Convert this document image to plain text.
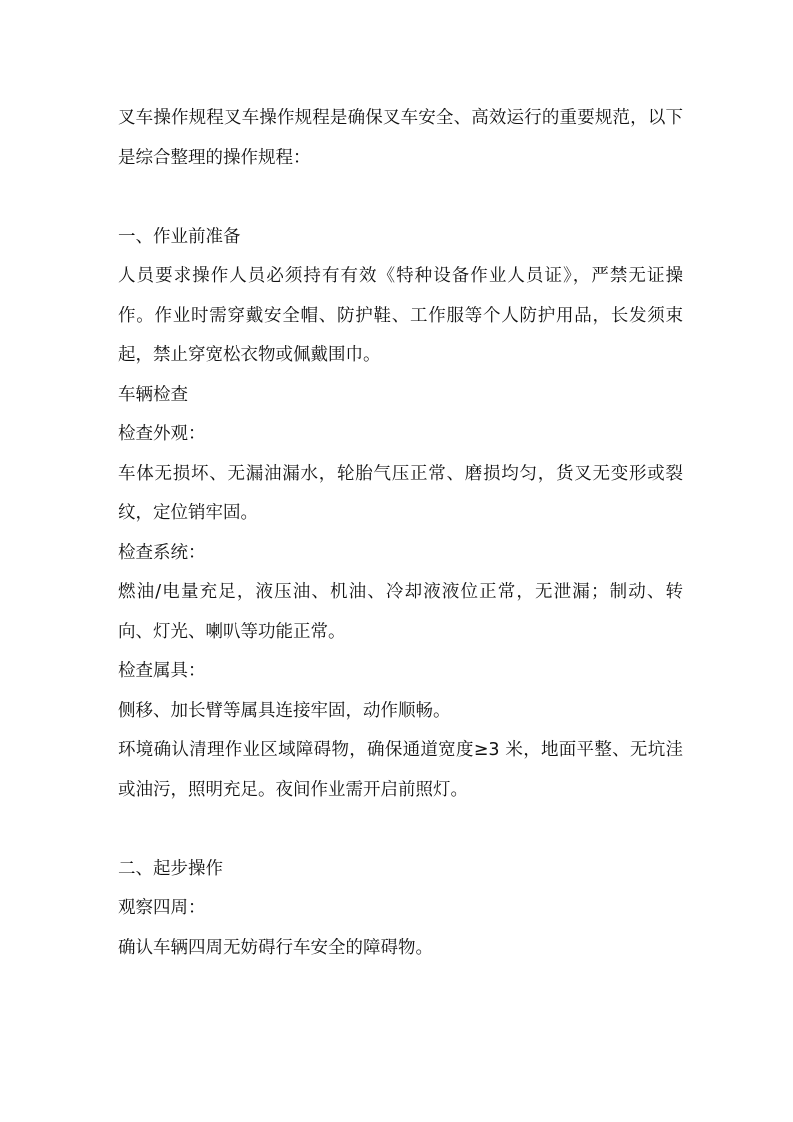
叉车操作规程叉车操作规程是确保叉车安全、高效运行的重要规范，以下是综合整理的操作规程：

一、作业前准备

人员要求操作人员必须持有有效《特种设备作业人员证》，严禁无证操作。作业时需穿戴安全帽、防护鞋、工作服等个人防护用品，长发须束起，禁止穿宽松衣物或佩戴围巾。

车辆检查

检查外观：

车体无损坏、无漏油漏水，轮胎气压正常、磨损均匀，货叉无变形或裂纹，定位销牢固。

检查系统：

燃油/电量充足，液压油、机油、冷却液液位正常，无泄漏；制动、转向、灯光、喇叭等功能正常。

检查属具：

侧移、加长臂等属具连接牢固，动作顺畅。

环境确认清理作业区域障碍物，确保通道宽度≥3 米，地面平整、无坑洼或油污，照明充足。夜间作业需开启前照灯。

二、起步操作

观察四周：

确认车辆四周无妨碍行车安全的障碍物。
